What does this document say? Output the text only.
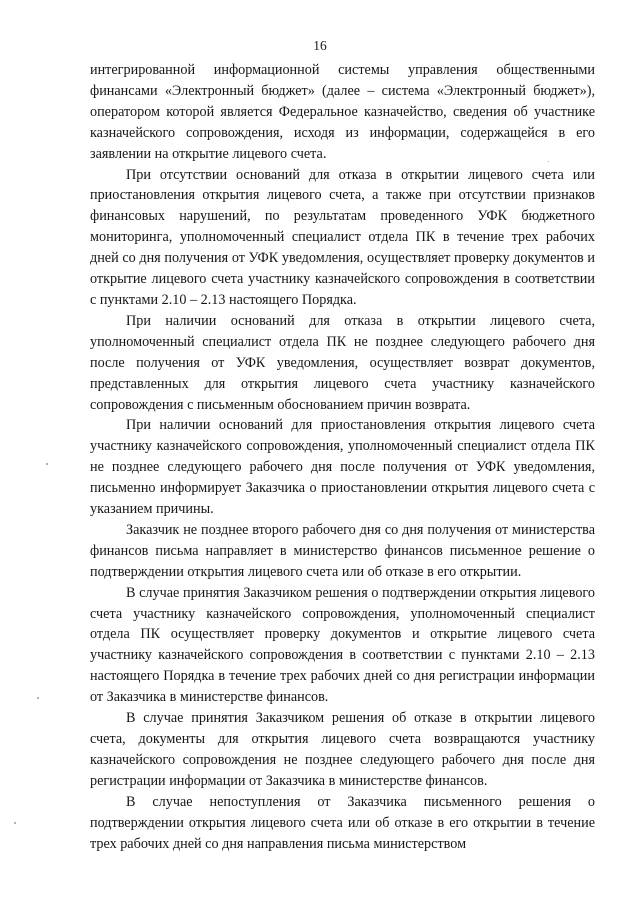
16

интегрированной информационной системы управления общественными финансами «Электронный бюджет» (далее – система «Электронный бюджет»), оператором которой является Федеральное казначейство, сведения об участнике казначейского сопровождения, исходя из информации, содержащейся в его заявлении на открытие лицевого счета.

При отсутствии оснований для отказа в открытии лицевого счета или приостановления открытия лицевого счета, а также при отсутствии признаков финансовых нарушений, по результатам проведенного УФК бюджетного мониторинга, уполномоченный специалист отдела ПК в течение трех рабочих дней со дня получения от УФК уведомления, осуществляет проверку документов и открытие лицевого счета участнику казначейского сопровождения в соответствии с пунктами 2.10 – 2.13 настоящего Порядка.

При наличии оснований для отказа в открытии лицевого счета, уполномоченный специалист отдела ПК не позднее следующего рабочего дня после получения от УФК уведомления, осуществляет возврат документов, представленных для открытия лицевого счета участнику казначейского сопровождения с письменным обоснованием причин возврата.

При наличии оснований для приостановления открытия лицевого счета участнику казначейского сопровождения, уполномоченный специалист отдела ПК не позднее следующего рабочего дня после получения от УФК уведомления, письменно информирует Заказчика о приостановлении открытия лицевого счета с указанием причины.

Заказчик не позднее второго рабочего дня со дня получения от министерства финансов письма направляет в министерство финансов письменное решение о подтверждении открытия лицевого счета или об отказе в его открытии.

В случае принятия Заказчиком решения о подтверждении открытия лицевого счета участнику казначейского сопровождения, уполномоченный специалист отдела ПК осуществляет проверку документов и открытие лицевого счета участнику казначейского сопровождения в соответствии с пунктами 2.10 – 2.13 настоящего Порядка в течение трех рабочих дней со дня регистрации информации от Заказчика в министерстве финансов.

В случае принятия Заказчиком решения об отказе в открытии лицевого счета, документы для открытия лицевого счета возвращаются участнику казначейского сопровождения не позднее следующего рабочего дня после дня регистрации информации от Заказчика в министерстве финансов.

В случае непоступления от Заказчика письменного решения о подтверждении открытия лицевого счета или об отказе в его открытии в течение трех рабочих дней со дня направления письма министерством
